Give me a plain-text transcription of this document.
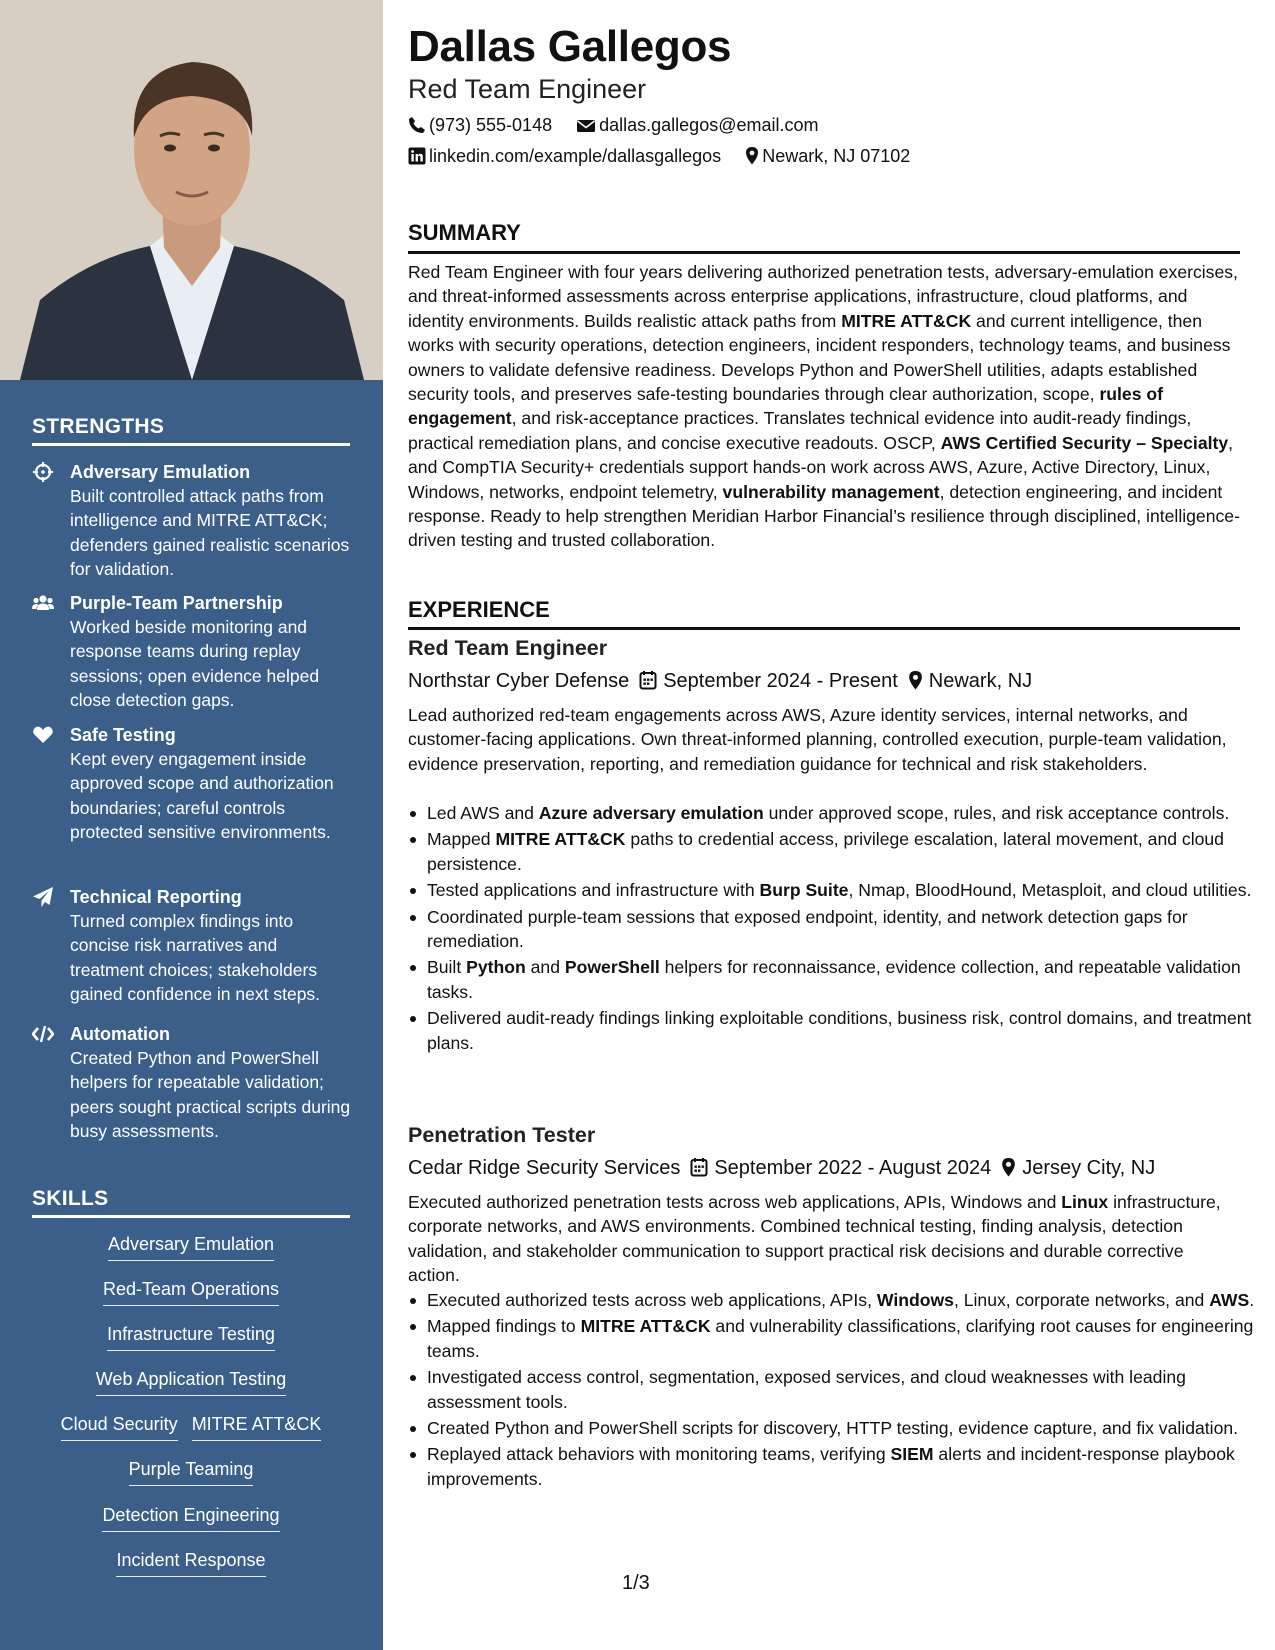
STRENGTHS
Adversary Emulation
Built controlled attack paths from intelligence and MITRE ATT&CK; defenders gained realistic scenarios for validation.
Purple-Team Partnership
Worked beside monitoring and response teams during replay sessions; open evidence helped close detection gaps.
Safe Testing
Kept every engagement inside approved scope and authorization boundaries; careful controls protected sensitive environments.
Technical Reporting
Turned complex findings into concise risk narratives and treatment choices; stakeholders gained confidence in next steps.
Automation
Created Python and PowerShell helpers for repeatable validation; peers sought practical scripts during busy assessments.
SKILLS
Adversary Emulation
Red-Team Operations
Infrastructure Testing
Web Application Testing
Cloud Security MITRE ATT&CK
Purple Teaming
Detection Engineering
Incident Response
Dallas Gallegos
Red Team Engineer
(973) 555-0148	dallas.gallegos@email.com
linkedin.com/example/dallasgallegos Newark, NJ 07102
SUMMARY
Red Team Engineer with four years delivering authorized penetration tests, adversary-emulation exercises, and threat-informed assessments across enterprise applications, infrastructure, cloud platforms, and identity environments. Builds realistic attack paths from MITRE ATT&CK and current intelligence, then works with security operations, detection engineers, incident responders, technology teams, and business owners to validate defensive readiness. Develops Python and PowerShell utilities, adapts established security tools, and preserves safe-testing boundaries through clear authorization, scope, rules of engagement, and risk-acceptance practices. Translates technical evidence into audit-ready findings, practical remediation plans, and concise executive readouts. OSCP, AWS Certified Security – Specialty, and CompTIA Security+ credentials support hands-on work across AWS, Azure, Active Directory, Linux, Windows, networks, endpoint telemetry, vulnerability management, detection engineering, and incident response. Ready to help strengthen Meridian Harbor Financial’s resilience through disciplined, intelligence-driven testing and trusted collaboration.
EXPERIENCE
Red Team Engineer
Northstar Cyber Defense September 2024 - Present Newark, NJ
Lead authorized red-team engagements across AWS, Azure identity services, internal networks, and customer-facing applications. Own threat-informed planning, controlled execution, purple-team validation, evidence preservation, reporting, and remediation guidance for technical and risk stakeholders.
Led AWS and Azure adversary emulation under approved scope, rules, and risk acceptance controls.
Mapped MITRE ATT&CK paths to credential access, privilege escalation, lateral movement, and cloud persistence.
Tested applications and infrastructure with Burp Suite, Nmap, BloodHound, Metasploit, and cloud utilities.
Coordinated purple-team sessions that exposed endpoint, identity, and network detection gaps for remediation.
Built Python and PowerShell helpers for reconnaissance, evidence collection, and repeatable validation tasks.
Delivered audit-ready findings linking exploitable conditions, business risk, control domains, and treatment plans.
Penetration Tester
Cedar Ridge Security Services September 2022 - August 2024 Jersey City, NJ
Executed authorized penetration tests across web applications, APIs, Windows and Linux infrastructure, corporate networks, and AWS environments. Combined technical testing, finding analysis, detection validation, and stakeholder communication to support practical risk decisions and durable corrective action.
Executed authorized tests across web applications, APIs, Windows, Linux, corporate networks, and AWS.
Mapped findings to MITRE ATT&CK and vulnerability classifications, clarifying root causes for engineering teams.
Investigated access control, segmentation, exposed services, and cloud weaknesses with leading assessment tools.
Created Python and PowerShell scripts for discovery, HTTP testing, evidence capture, and fix validation.
Replayed attack behaviors with monitoring teams, verifying SIEM alerts and incident-response playbook improvements.
1/3
